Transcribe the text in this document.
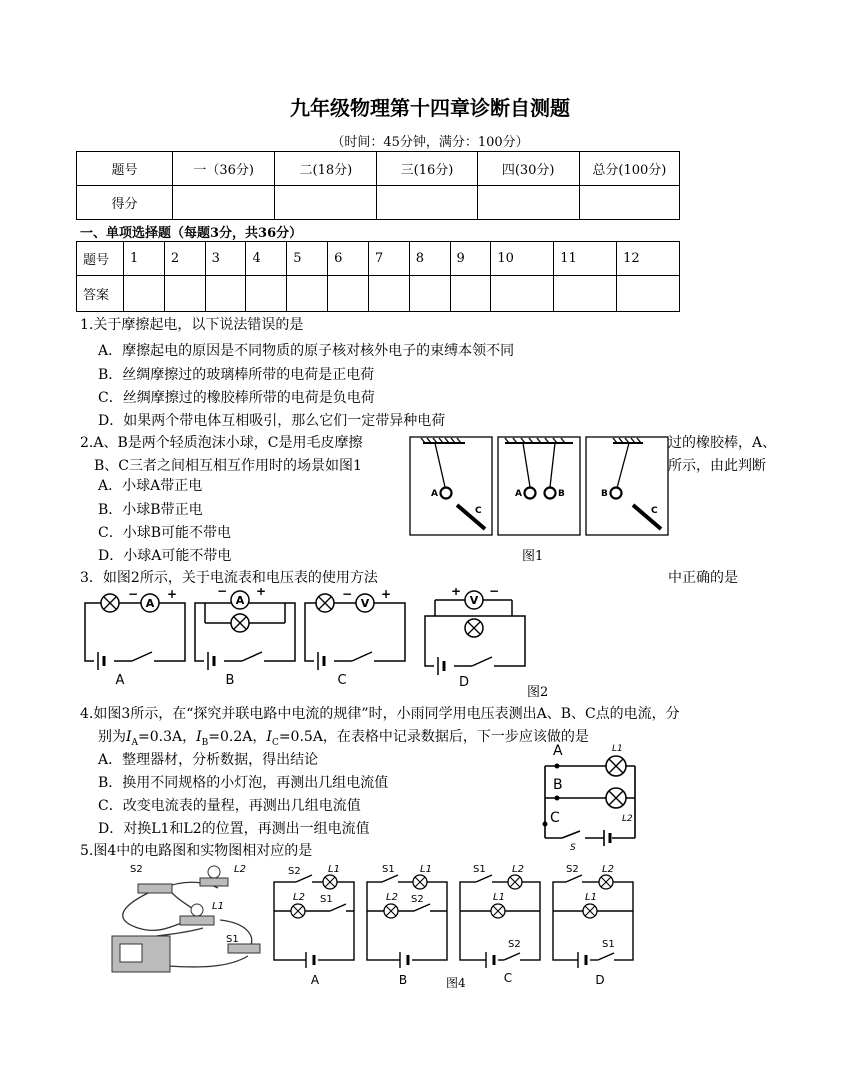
九年级物理第十四章诊断自测题
（时间：45分钟，满分：100分）
题号	一（36分)	二(18分)	三(16分)	四(30分)	总分(100分)
得分					
一、单项选择题（每题3分，共36分）
题号	1	2	3	4	5	6	7	8	9	10	11	12
答案												
1.关于摩擦起电，以下说法错误的是
A．摩擦起电的原因是不同物质的原子核对核外电子的束缚本领不同
B．丝绸摩擦过的玻璃棒所带的电荷是正电荷
C．丝绸摩擦过的橡胶棒所带的电荷是负电荷
D．如果两个带电体互相吸引，那么它们一定带异种电荷
2.A、B是两个轻质泡沫小球，C是用毛皮摩擦	过的橡胶棒，A、
B、C三者之间相互相互作用时的场景如图1	所示，由此判断
A．小球A带正电
B．小球B带正电
C．小球B可能不带电
D．小球A可能不带电
A
C
A	B	B
C
图1
3．如图2所示，关于电流表和电压表的使用方法	中正确的是
A	A	V	V
− +	− +	− +	+ −
A	B	C	D
图2
4.如图3所示，在“探究并联电路中电流的规律”时，小雨同学用电压表测出A、B、C点的电流，分
别为$I_A=0.3A$，$I_B=0.2A$，$I_C=0.5A$，在表格中记录数据后，下一步应该做的是
A．整理器材，分析数据，得出结论
B．换用不同规格的小灯泡，再测出几组电流值
C．改变电流表的量程，再测出几组电流值
D．对换L1和L2的位置，再测出一组电流值
A
B
C
L1
L2
S
5.图4中的电路图和实物图相对应的是
S2	L2
L1
S1
S2	L1
L2 S1
S1	L1
L2 S2
S1	L2
L1
S2
S2 L2
L1
S1
A	B	C	D
图4
